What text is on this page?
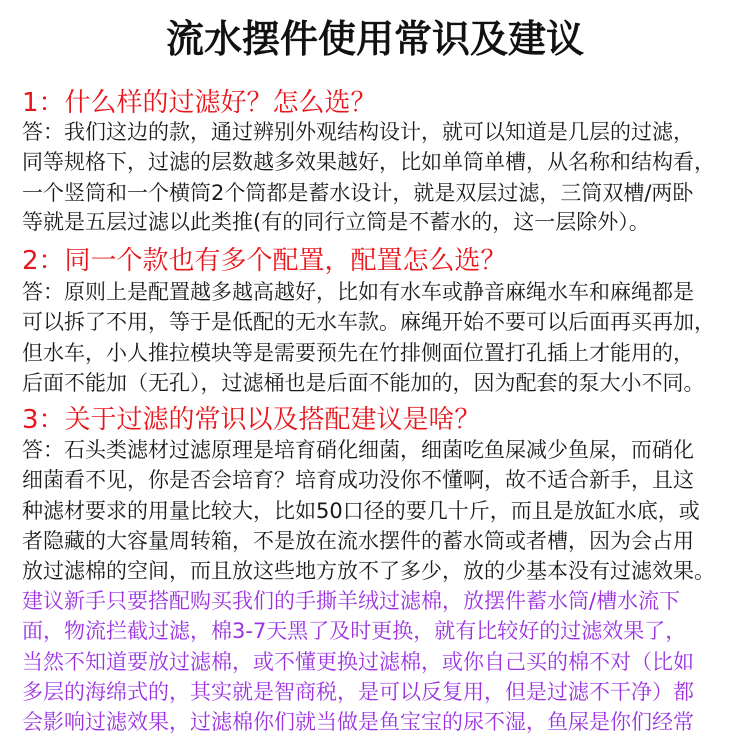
流水摆件使用常识及建议
1：什么样的过滤好？怎么选？
答：我们这边的款，通过辨别外观结构设计，就可以知道是几层的过滤，
同等规格下，过滤的层数越多效果越好，比如单筒单槽，从名称和结构看，
一个竖筒和一个横筒2个筒都是蓄水设计，就是双层过滤，三筒双槽/两卧
等就是五层过滤以此类推(有的同行立筒是不蓄水的，这一层除外）。
2：同一个款也有多个配置，配置怎么选？
答：原则上是配置越多越高越好，比如有水车或静音麻绳水车和麻绳都是
可以拆了不用，等于是低配的无水车款。麻绳开始不要可以后面再买再加，
但水车，小人推拉模块等是需要预先在竹排侧面位置打孔插上才能用的，
后面不能加（无孔），过滤桶也是后面不能加的，因为配套的泵大小不同。
3：关于过滤的常识以及搭配建议是啥？
答：石头类滤材过滤原理是培育硝化细菌，细菌吃鱼屎减少鱼屎，而硝化
细菌看不见，你是否会培育？培育成功没你不懂啊，故不适合新手，且这
种滤材要求的用量比较大，比如50口径的要几十斤，而且是放缸水底，或
者隐藏的大容量周转箱，不是放在流水摆件的蓄水筒或者槽，因为会占用
放过滤棉的空间，而且放这些地方放不了多少，放的少基本没有过滤效果。
建议新手只要搭配购买我们的手撕羊绒过滤棉，放摆件蓄水筒/槽水流下
面，物流拦截过滤，棉3-7天黑了及时更换，就有比较好的过滤效果了，
当然不知道要放过滤棉，或不懂更换过滤棉，或你自己买的棉不对（比如
多层的海绵式的，其实就是智商税，是可以反复用，但是过滤不干净）都
会影响过滤效果，过滤棉你们就当做是鱼宝宝的尿不湿，鱼屎是你们经常
